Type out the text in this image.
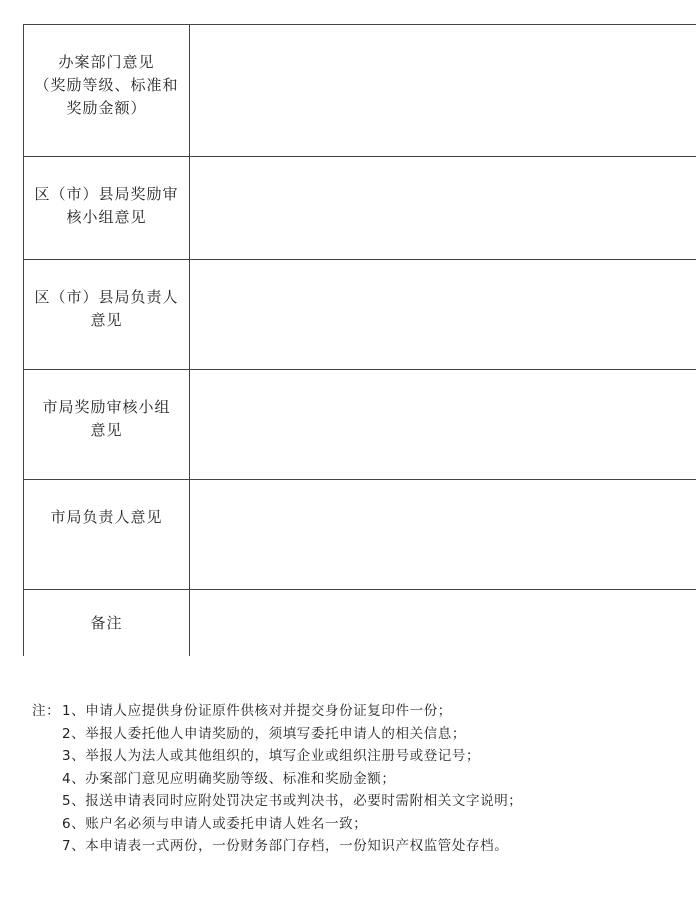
办案部门意见
（奖励等级、标准和
奖励金额）	

区（市）县局奖励审
核小组意见	

区（市）县局负责人
意见	

市局奖励审核小组
意见	

市局负责人意见	

备注	

注： 1、申请人应提供身份证原件供核对并提交身份证复印件一份；
2、举报人委托他人申请奖励的，须填写委托申请人的相关信息；
3、举报人为法人或其他组织的，填写企业或组织注册号或登记号；
4、办案部门意见应明确奖励等级、标准和奖励金额；
5、报送申请表同时应附处罚决定书或判决书，必要时需附相关文字说明；
6、账户名必须与申请人或委托申请人姓名一致；
7、本申请表一式两份，一份财务部门存档，一份知识产权监管处存档。
